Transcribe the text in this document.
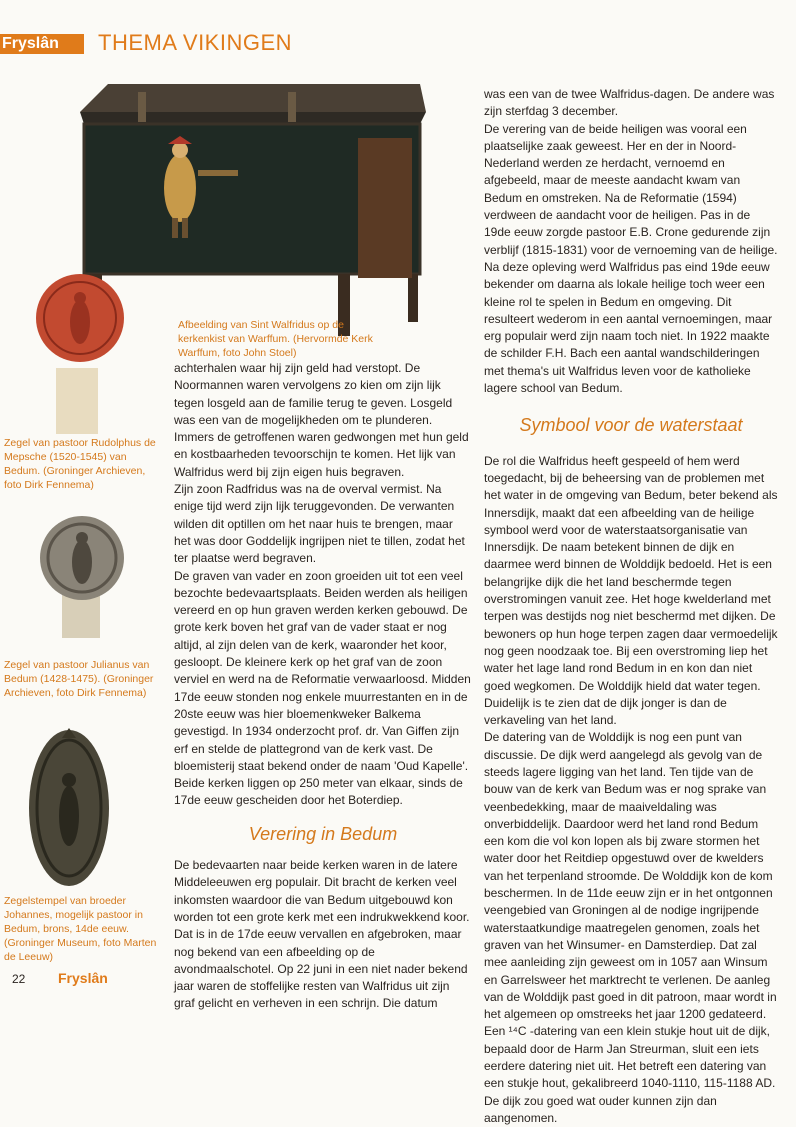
Fryslân	THEMA VIKINGEN
Afbeelding van Sint Walfridus op de kerkenkist van Warffum. (Hervormde Kerk Warffum, foto John Stoel)
Zegel van pastoor Rudolphus de Mepsche (1520-1545) van Bedum. (Groninger Archieven, foto Dirk Fennema)
Zegel van pastoor Julianus van Bedum (1428-1475). (Groninger Archieven, foto Dirk Fennema)
Zegelstempel van broeder Johannes, mogelijk pastoor in Bedum, brons, 14de eeuw. (Groninger Museum, foto Marten de Leeuw)

achterhalen waar hij zijn geld had verstopt. De Noormannen waren vervolgens zo kien om zijn lijk tegen losgeld aan de familie terug te geven. Losgeld was een van de mogelijkheden om te plunderen. Immers de getroffenen waren gedwongen met hun geld en kostbaarheden tevoorschijn te komen. Het lijk van Walfridus werd bij zijn eigen huis begraven.

Zijn zoon Radfridus was na de overval vermist. Na enige tijd werd zijn lijk teruggevonden. De verwanten wilden dit optillen om het naar huis te brengen, maar het was door Goddelijk ingrijpen niet te tillen, zodat het ter plaatse werd begraven.

De graven van vader en zoon groeiden uit tot een veel bezochte bedevaartsplaats. Beiden werden als heiligen vereerd en op hun graven werden kerken gebouwd. De grote kerk boven het graf van de vader staat er nog altijd, al zijn delen van de kerk, waaronder het koor, gesloopt. De kleinere kerk op het graf van de zoon verviel en werd na de Reformatie verwaarloosd. Midden 17de eeuw stonden nog enkele muurrestanten en in de 20ste eeuw was hier bloemenkweker Balkema gevestigd. In 1934 onderzocht prof. dr. Van Giffen zijn erf en stelde de plattegrond van de kerk vast. De bloemisterij staat bekend onder de naam 'Oud Kapelle'. Beide kerken liggen op 250 meter van elkaar, sinds de 17de eeuw gescheiden door het Boterdiep.

Verering in Bedum

De bedevaarten naar beide kerken waren in de latere Middeleeuwen erg populair. Dit bracht de kerken veel inkomsten waardoor die van Bedum uitgebouwd kon worden tot een grote kerk met een indrukwekkend koor. Dat is in de 17de eeuw vervallen en afgebroken, maar nog bekend van een afbeelding op de avondmaalschotel. Op 22 juni in een niet nader bekend jaar waren de stoffelijke resten van Walfridus uit zijn graf gelicht en verheven in een schrijn. Die datum

was een van de twee Walfridus-dagen. De andere was zijn sterfdag 3 december.

De verering van de beide heiligen was vooral een plaatselijke zaak geweest. Her en der in Noord-Nederland werden ze herdacht, vernoemd en afgebeeld, maar de meeste aandacht kwam van Bedum en omstreken. Na de Reformatie (1594) verdween de aandacht voor de heiligen. Pas in de 19de eeuw zorgde pastoor E.B. Crone gedurende zijn verblijf (1815-1831) voor de vernoeming van de heilige. Na deze opleving werd Walfridus pas eind 19de eeuw bekender om daarna als lokale heilige toch weer een kleine rol te spelen in Bedum en omgeving. Dit resulteert wederom in een aantal vernoemingen, maar erg populair werd zijn naam toch niet. In 1922 maakte de schilder F.H. Bach een aantal wandschilderingen met thema's uit Walfridus leven voor de katholieke lagere school van Bedum.

Symbool voor de waterstaat

De rol die Walfridus heeft gespeeld of hem werd toegedacht, bij de beheersing van de problemen met het water in de omgeving van Bedum, beter bekend als Innersdijk, maakt dat een afbeelding van de heilige symbool werd voor de waterstaatsorganisatie van Innersdijk. De naam betekent binnen de dijk en daarmee werd binnen de Wolddijk bedoeld. Het is een belangrijke dijk die het land beschermde tegen overstromingen vanuit zee. Het hoge kwelderland met terpen was destijds nog niet beschermd met dijken. De bewoners op hun hoge terpen zagen daar vermoedelijk nog geen noodzaak toe. Bij een overstroming liep het water het lage land rond Bedum in en kon dan niet goed wegkomen. De Wolddijk hield dat water tegen. Duidelijk is te zien dat de dijk jonger is dan de verkaveling van het land.

De datering van de Wolddijk is nog een punt van discussie. De dijk werd aangelegd als gevolg van de steeds lagere ligging van het land. Ten tijde van de bouw van de kerk van Bedum was er nog sprake van veenbedekking, maar de maaiveldaling was onverbiddelijk. Daardoor werd het land rond Bedum een kom die vol kon lopen als bij zware stormen het water door het Reitdiep opgestuwd over de kwelders van het terpenland stroomde. De Wolddijk kon de kom beschermen. In de 11de eeuw zijn er in het ontgonnen veengebied van Groningen al de nodige ingrijpende waterstaatkundige maatregelen genomen, zoals het graven van het Winsumer- en Damsterdiep. Dat zal mee aanleiding zijn geweest om in 1057 aan Winsum en Garrelsweer het marktrecht te verlenen. De aanleg van de Wolddijk past goed in dit patroon, maar wordt in het algemeen op omstreeks het jaar 1200 gedateerd. Een ¹⁴C -datering van een klein stukje hout uit de dijk, bepaald door de Harm Jan Streurman, sluit een iets eerdere datering niet uit. Het betreft een datering van een stukje hout, gekalibreerd 1040-1110, 115-1188 AD. De dijk zou goed wat ouder kunnen zijn dan aangenomen.

22 Fryslân
